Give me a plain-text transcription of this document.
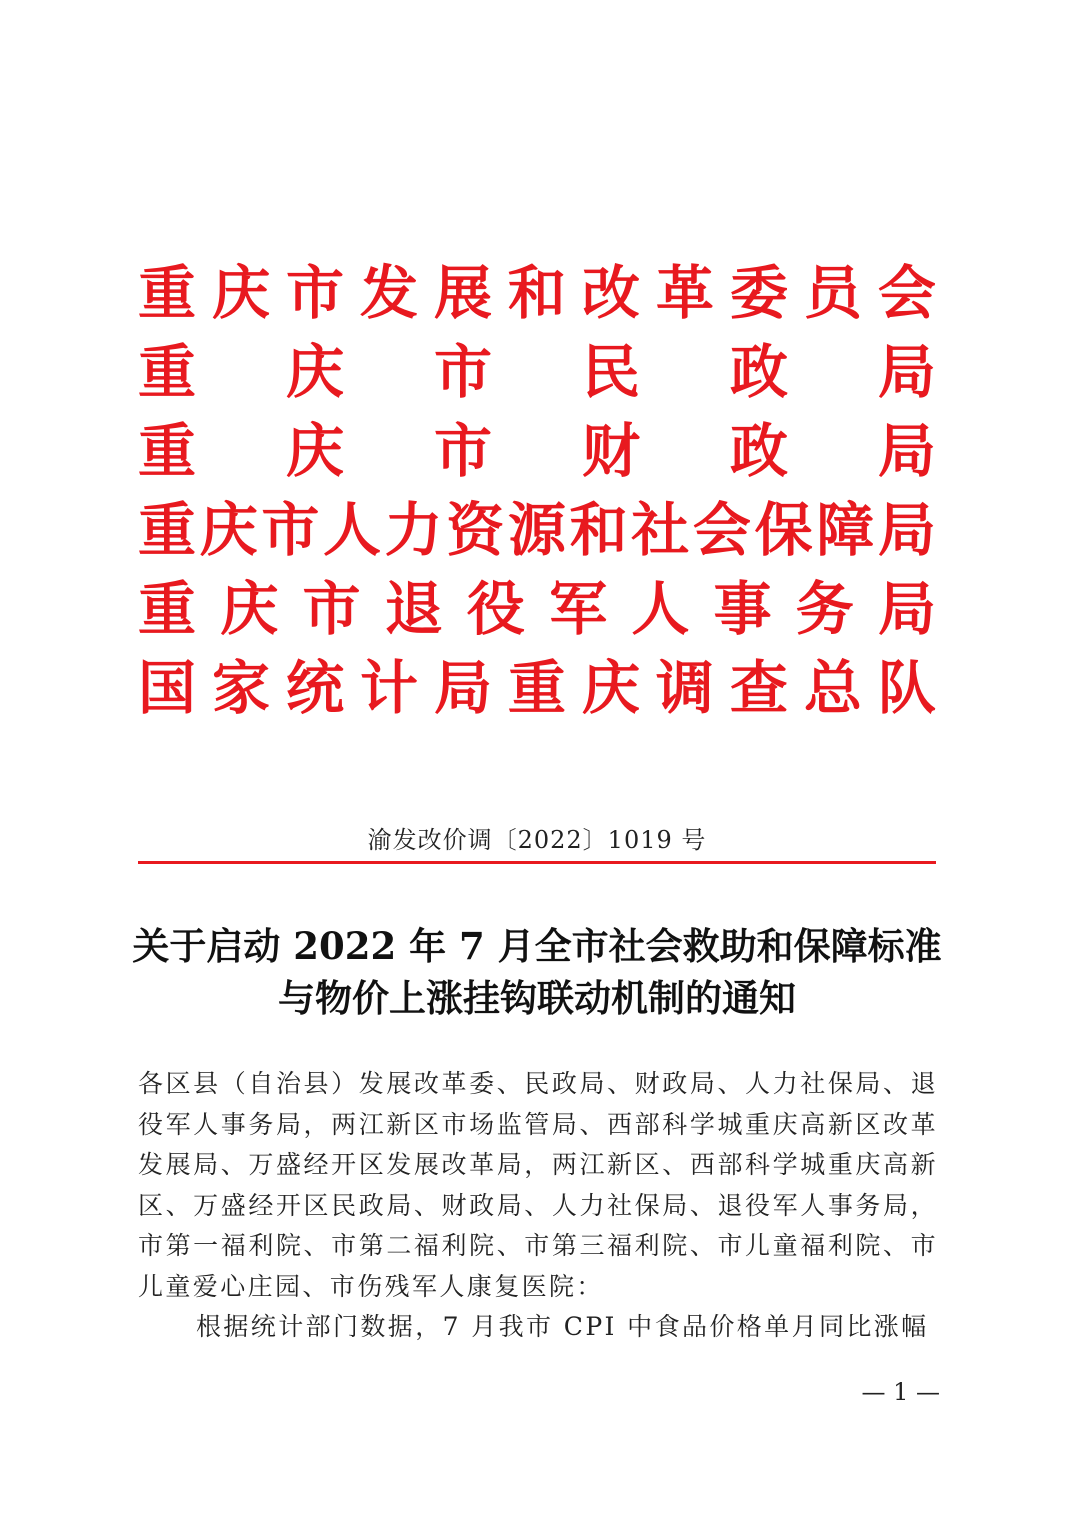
重 庆 市 发 展 和 改 革 委 员 会
重 庆 市 民 政 局
重 庆 市 财 政 局
重 庆 市 人 力 资 源 和 社 会 保 障 局
重 庆 市 退 役 军 人 事 务 局
国 家 统 计 局 重 庆 调 查 总 队
渝发改价调〔2022〕1019 号
关于启动 2022 年 7 月全市社会救助和保障标准
与物价上涨挂钩联动机制的通知

各区县（自治县）发展改革委、民政局、财政局、人力社保局、退役军人事务局，两江新区市场监管局、西部科学城重庆高新区改革发展局、万盛经开区发展改革局，两江新区、西部科学城重庆高新区、万盛经开区民政局、财政局、人力社保局、退役军人事务局，市第一福利院、市第二福利院、市第三福利院、市儿童福利院、市儿童爱心庄园、市伤残军人康复医院：

根据统计部门数据，7 月我市 CPI 中食品价格单月同比涨幅

— 1 —
